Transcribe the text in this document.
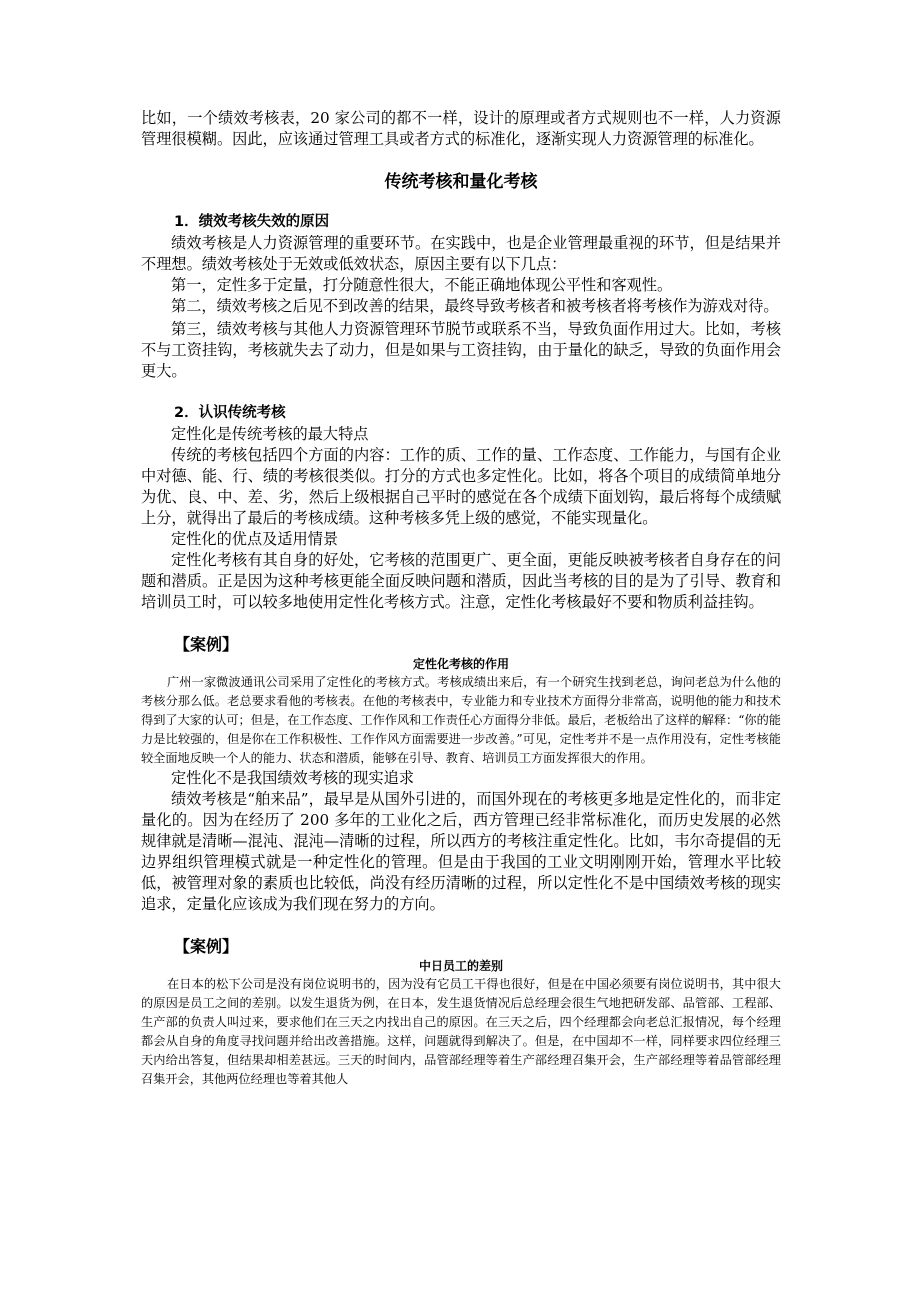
比如，一个绩效考核表，20 家公司的都不一样，设计的原理或者方式规则也不一样，人力资源管理很模糊。因此，应该通过管理工具或者方式的标准化，逐渐实现人力资源管理的标准化。

传统考核和量化考核

1．绩效考核失效的原因

绩效考核是人力资源管理的重要环节。在实践中，也是企业管理最重视的环节，但是结果并不理想。绩效考核处于无效或低效状态，原因主要有以下几点：

第一，定性多于定量，打分随意性很大，不能正确地体现公平性和客观性。

第二，绩效考核之后见不到改善的结果，最终导致考核者和被考核者将考核作为游戏对待。

第三，绩效考核与其他人力资源管理环节脱节或联系不当，导致负面作用过大。比如，考核不与工资挂钩，考核就失去了动力，但是如果与工资挂钩，由于量化的缺乏，导致的负面作用会更大。

2．认识传统考核

定性化是传统考核的最大特点

传统的考核包括四个方面的内容：工作的质、工作的量、工作态度、工作能力，与国有企业中对德、能、行、绩的考核很类似。打分的方式也多定性化。比如，将各个项目的成绩简单地分为优、良、中、差、劣，然后上级根据自己平时的感觉在各个成绩下面划钩，最后将每个成绩赋上分，就得出了最后的考核成绩。这种考核多凭上级的感觉，不能实现量化。

定性化的优点及适用情景

定性化考核有其自身的好处，它考核的范围更广、更全面，更能反映被考核者自身存在的问题和潜质。正是因为这种考核更能全面反映问题和潜质，因此当考核的目的是为了引导、教育和培训员工时，可以较多地使用定性化考核方式。注意，定性化考核最好不要和物质利益挂钩。

【案例】

定性化考核的作用

广州一家微波通讯公司采用了定性化的考核方式。考核成绩出来后，有一个研究生找到老总，询问老总为什么他的考核分那么低。老总要求看他的考核表。在他的考核表中，专业能力和专业技术方面得分非常高，说明他的能力和技术得到了大家的认可；但是，在工作态度、工作作风和工作责任心方面得分非低。最后，老板给出了这样的解释：“你的能力是比较强的，但是你在工作积极性、工作作风方面需要进一步改善。”可见，定性考并不是一点作用没有，定性考核能较全面地反映一个人的能力、状态和潜质，能够在引导、教育、培训员工方面发挥很大的作用。

定性化不是我国绩效考核的现实追求

绩效考核是“舶来品”，最早是从国外引进的，而国外现在的考核更多地是定性化的，而非定量化的。因为在经历了 200 多年的工业化之后，西方管理已经非常标准化，而历史发展的必然规律就是清晰—混沌、混沌—清晰的过程，所以西方的考核注重定性化。比如，韦尔奇提倡的无边界组织管理模式就是一种定性化的管理。但是由于我国的工业文明刚刚开始，管理水平比较低，被管理对象的素质也比较低，尚没有经历清晰的过程，所以定性化不是中国绩效考核的现实追求，定量化应该成为我们现在努力的方向。

【案例】

中日员工的差别

在日本的松下公司是没有岗位说明书的，因为没有它员工干得也很好，但是在中国必须要有岗位说明书，其中很大的原因是员工之间的差别。以发生退货为例，在日本，发生退货情况后总经理会很生气地把研发部、品管部、工程部、生产部的负责人叫过来，要求他们在三天之内找出自己的原因。在三天之后，四个经理都会向老总汇报情况，每个经理都会从自身的角度寻找问题并给出改善措施。这样，问题就得到解决了。但是，在中国却不一样，同样要求四位经理三天内给出答复，但结果却相差甚远。三天的时间内，品管部经理等着生产部经理召集开会，生产部经理等着品管部经理召集开会，其他两位经理也等着其他人
